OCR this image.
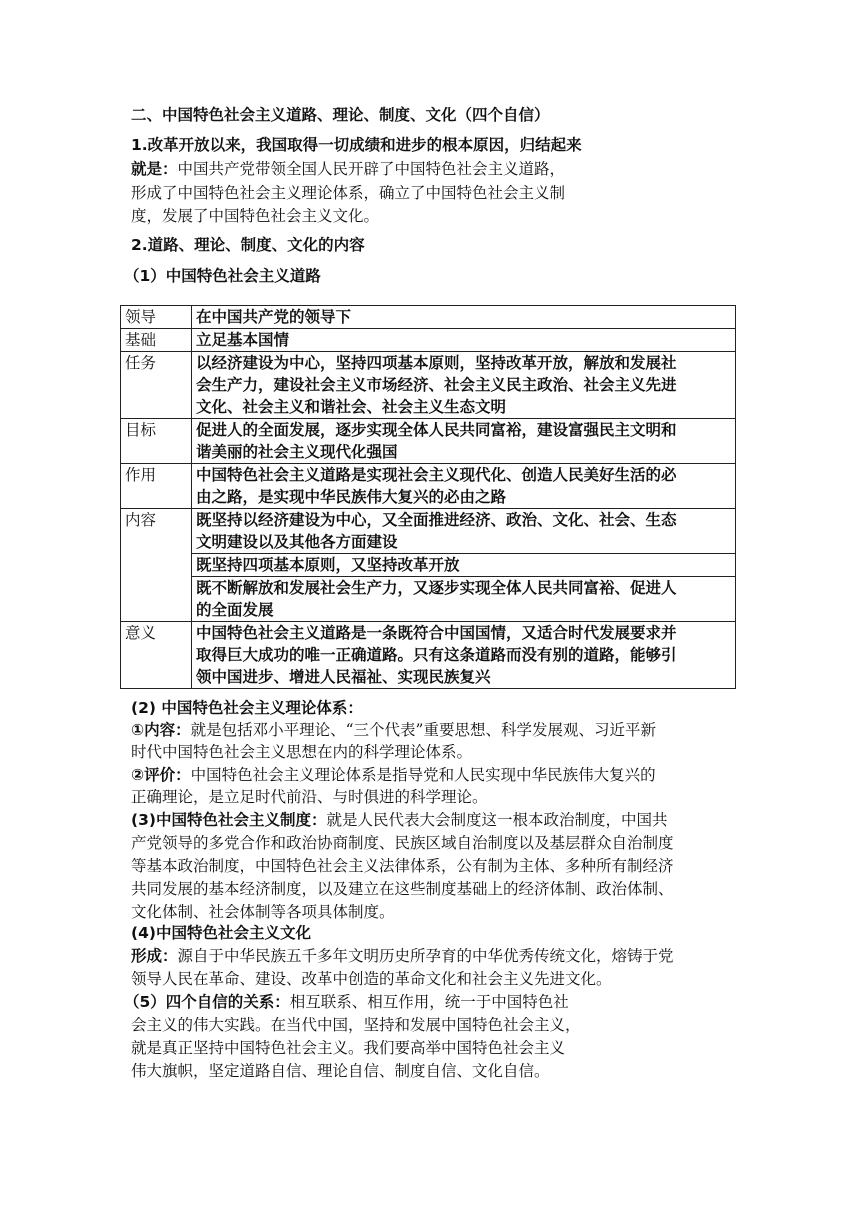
二、中国特色社会主义道路、理论、制度、文化（四个自信）
1.改革开放以来，我国取得一切成绩和进步的根本原因，归结起来
就是：中国共产党带领全国人民开辟了中国特色社会主义道路，
形成了中国特色社会主义理论体系，确立了中国特色社会主义制
度，发展了中国特色社会主义文化。
2.道路、理论、制度、文化的内容
（1）中国特色社会主义道路
领导	在中国共产党的领导下

基础	立足基本国情

任务	以经济建设为中心，坚持四项基本原则，坚持改革开放，解放和发展社
会生产力，建设社会主义市场经济、社会主义民主政治、社会主义先进
文化、社会主义和谐社会、社会主义生态文明

目标	促进人的全面发展，逐步实现全体人民共同富裕，建设富强民主文明和
谐美丽的社会主义现代化强国

作用	中国特色社会主义道路是实现社会主义现代化、创造人民美好生活的必
由之路，是实现中华民族伟大复兴的必由之路

内容	既坚持以经济建设为中心，又全面推进经济、政治、文化、社会、生态
文明建设以及其他各方面建设

	既坚持四项基本原则，又坚持改革开放

	既不断解放和发展社会生产力，又逐步实现全体人民共同富裕、促进人
的全面发展

意义	中国特色社会主义道路是一条既符合中国国情，又适合时代发展要求并
取得巨大成功的唯一正确道路。只有这条道路而没有别的道路，能够引
领中国进步、增进人民福祉、实现民族复兴
(2) 中国特色社会主义理论体系：
①内容：就是包括邓小平理论、“三个代表”重要思想、科学发展观、习近平新
时代中国特色社会主义思想在内的科学理论体系。
②评价：中国特色社会主义理论体系是指导党和人民实现中华民族伟大复兴的
正确理论，是立足时代前沿、与时俱进的科学理论。
(3)中国特色社会主义制度：就是人民代表大会制度这一根本政治制度，中国共
产党领导的多党合作和政治协商制度、民族区域自治制度以及基层群众自治制度
等基本政治制度，中国特色社会主义法律体系，公有制为主体、多种所有制经济
共同发展的基本经济制度，以及建立在这些制度基础上的经济体制、政治体制、
文化体制、社会体制等各项具体制度。
(4)中国特色社会主义文化
形成：源自于中华民族五千多年文明历史所孕育的中华优秀传统文化，熔铸于党
领导人民在革命、建设、改革中创造的革命文化和社会主义先进文化。
（5）四个自信的关系：相互联系、相互作用，统一于中国特色社
会主义的伟大实践。在当代中国，坚持和发展中国特色社会主义，
就是真正坚持中国特色社会主义。我们要高举中国特色社会主义
伟大旗帜，坚定道路自信、理论自信、制度自信、文化自信。
